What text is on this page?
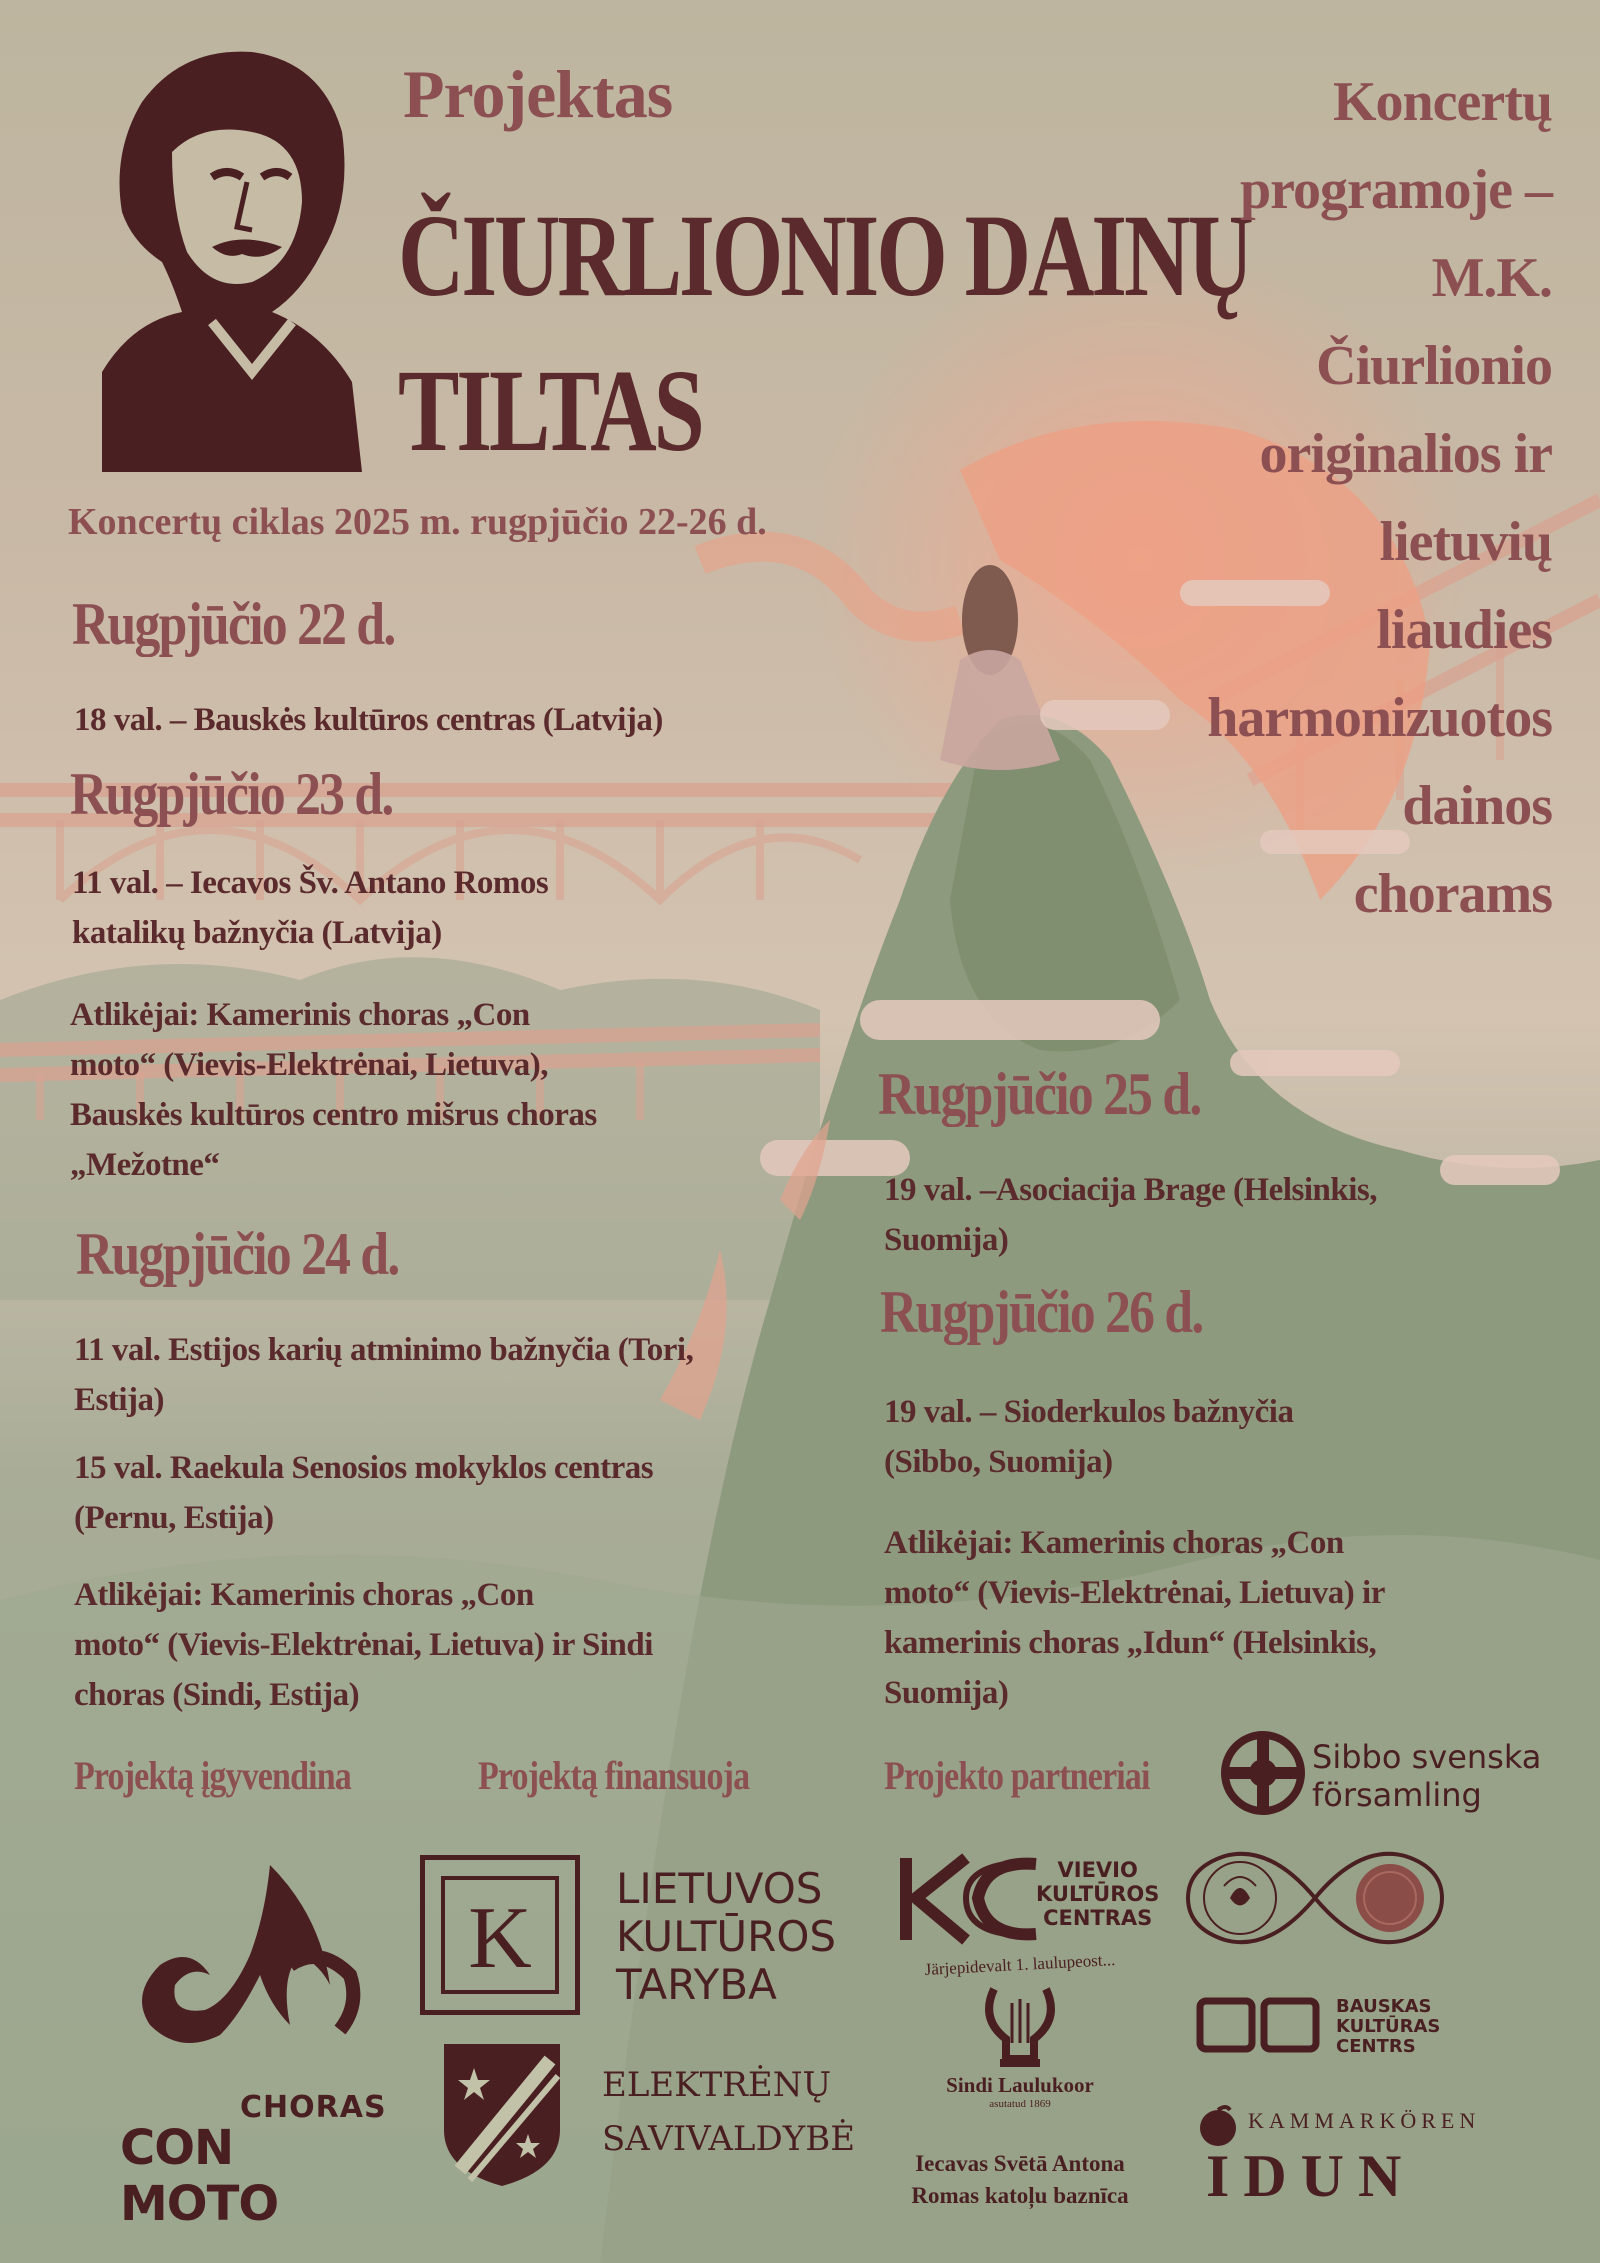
Projektas
ČIURLIONIO DAINŲ
TILTAS
Koncertų ciklas 2025 m. rugpjūčio 22-26 d.
Koncertų
programoje –
M.K.
Čiurlionio
originalios ir
lietuvių
liaudies
harmonizuotos
dainos
chorams
Rugpjūčio 22 d.
18 val. – Bauskės kultūros centras (Latvija)
Rugpjūčio 23 d.
11 val. – Iecavos Šv. Antano Romos
katalikų bažnyčia (Latvija)
Atlikėjai: Kamerinis choras „Con
moto“ (Vievis-Elektrėnai, Lietuva),
Bauskės kultūros centro mišrus choras
„Mežotne“
Rugpjūčio 24 d.
11 val. Estijos karių atminimo bažnyčia (Tori,
Estija)
15 val. Raekula Senosios mokyklos centras
(Pernu, Estija)
Atlikėjai: Kamerinis choras „Con
moto“ (Vievis-Elektrėnai, Lietuva) ir Sindi
choras (Sindi, Estija)
Rugpjūčio 25 d.
19 val. –Asociacija Brage (Helsinkis,
Suomija)
Rugpjūčio 26 d.
19 val. – Sioderkulos bažnyčia
(Sibbo, Suomija)
Atlikėjai: Kamerinis choras „Con
moto“ (Vievis-Elektrėnai, Lietuva) ir
kamerinis choras „Idun“ (Helsinkis,
Suomija)
Projektą įgyvendina	Projektą finansuoja	Projekto partneriai
CHORAS
CON MOTO
K
LIETUVOS
KULTŪROS
TARYBA
ELEKTRĖNŲ
SAVIVALDYBĖ
VIEVIO
KULTŪROS
CENTRAS
Järjepidevalt 1. laulupeost...
Sindi Laulukoor
asutatud 1869
Iecavas Svētā Antona
Romas katoļu baznīca
Sibbo svenska
församling
BAUSKAS
KULTŪRAS
CENTRS
KAMMARKÖREN
IDUN
